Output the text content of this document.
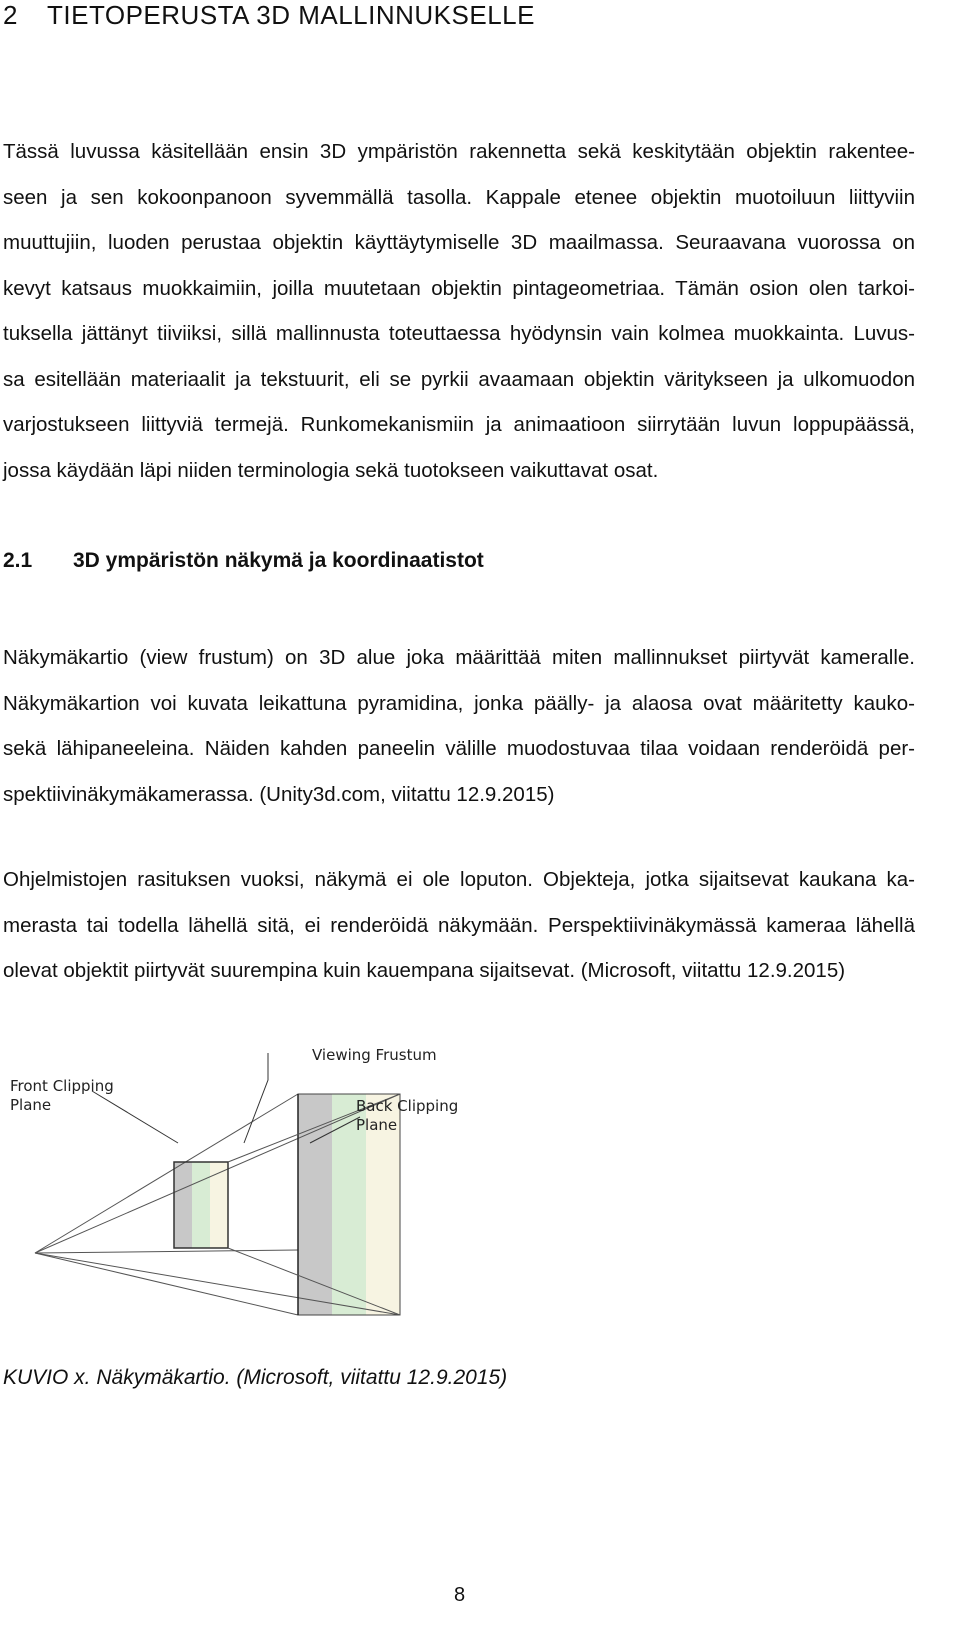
2 TIETOPERUSTA 3D MALLINNUKSELLE
Tässä luvussa käsitellään ensin 3D ympäristön rakennetta sekä keskitytään objektin rakentee-
seen ja sen kokoonpanoon syvemmällä tasolla. Kappale etenee objektin muotoiluun liittyviin
muuttujiin, luoden perustaa objektin käyttäytymiselle 3D maailmassa. Seuraavana vuorossa on
kevyt katsaus muokkaimiin, joilla muutetaan objektin pintageometriaa. Tämän osion olen tarkoi-
tuksella jättänyt tiiviiksi, sillä mallinnusta toteuttaessa hyödynsin vain kolmea muokkainta. Luvus-
sa esitellään materiaalit ja tekstuurit, eli se pyrkii avaamaan objektin väritykseen ja ulkomuodon
varjostukseen liittyviä termejä. Runkomekanismiin ja animaatioon siirrytään luvun loppupäässä,
jossa käydään läpi niiden terminologia sekä tuotokseen vaikuttavat osat.
2.1 3D ympäristön näkymä ja koordinaatistot
Näkymäkartio (view frustum) on 3D alue joka määrittää miten mallinnukset piirtyvät kameralle.
Näkymäkartion voi kuvata leikattuna pyramidina, jonka päälly- ja alaosa ovat määritetty kauko-
sekä lähipaneeleina. Näiden kahden paneelin välille muodostuvaa tilaa voidaan renderöidä per-
spektiivinäkymäkamerassa. (Unity3d.com, viitattu 12.9.2015)
Ohjelmistojen rasituksen vuoksi, näkymä ei ole loputon. Objekteja, jotka sijaitsevat kaukana ka-
merasta tai todella lähellä sitä, ei renderöidä näkymään. Perspektiivinäkymässä kameraa lähellä
olevat objektit piirtyvät suurempina kuin kauempana sijaitsevat. (Microsoft, viitattu 12.9.2015)
Viewing Frustum
Front Clipping
Plane	Back Clipping
Plane
KUVIO x. Näkymäkartio. (Microsoft, viitattu 12.9.2015)
8
